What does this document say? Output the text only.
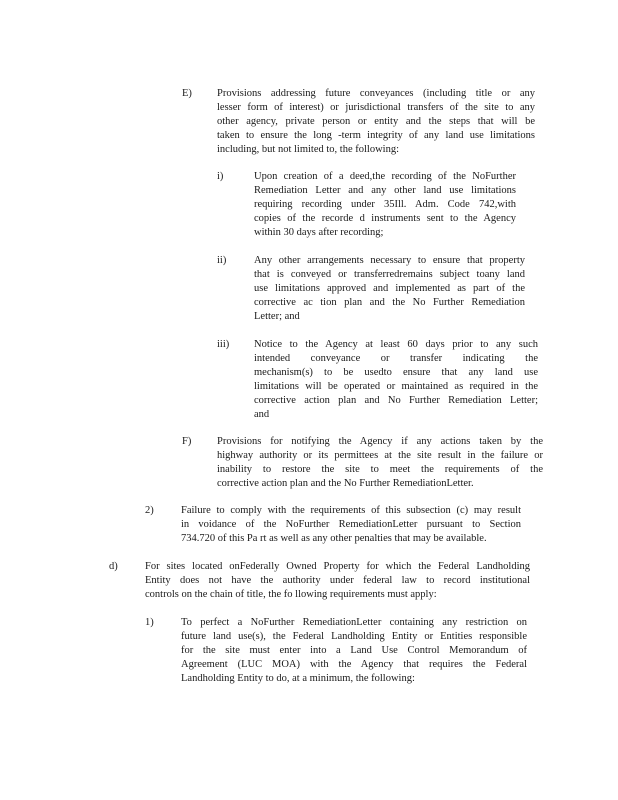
E) Provisions addressing future conveyances (including title or any
lesser form of interest) or jurisdictional transfers of the site to any
other agency, private person or entity and the steps that will be
taken to ensure the long -term integrity of any land use limitations
including, but not limited to, the following:
i)	Upon creation of a deed,the recording of the NoFurther
Remediation Letter and any other land use limitations
requiring recording under 35Ill. Adm. Code 742,with
copies of the recorde d instruments sent to the Agency
within 30 days after recording;
ii)	Any other arrangements necessary to ensure that property
that is conveyed or transferredremains subject toany land
use limitations approved and implemented as part of the
corrective ac tion plan and the No Further Remediation
Letter; and
iii) Notice to the Agency at least 60 days prior to any such
intended conveyance or transfer indicating the
mechanism(s) to be usedto ensure that any land use
limitations will be operated or maintained as required in the
corrective action plan and No Further Remediation Letter;
and
F) Provisions for notifying the Agency if any actions taken by the
highway authority or its permittees at the site result in the failure or
inability to restore the site to meet the requirements of the
corrective action plan and the No Further RemediationLetter.
2)	Failure to comply with the requirements of this subsection (c) may result
in voidance of the NoFurther RemediationLetter pursuant to Section
734.720 of this Pa rt as well as any other penalties that may be available.
d)	For sites located onFederally Owned Property for which the Federal Landholding
Entity does not have the authority under federal law to record institutional
controls on the chain of title, the fo llowing requirements must apply:
1)	To perfect a NoFurther RemediationLetter containing any restriction on
future land use(s), the Federal Landholding Entity or Entities responsible
for the site must enter into a Land Use Control Memorandum of
Agreement (LUC MOA) with the Agency that requires the Federal
Landholding Entity to do, at a minimum, the following:
